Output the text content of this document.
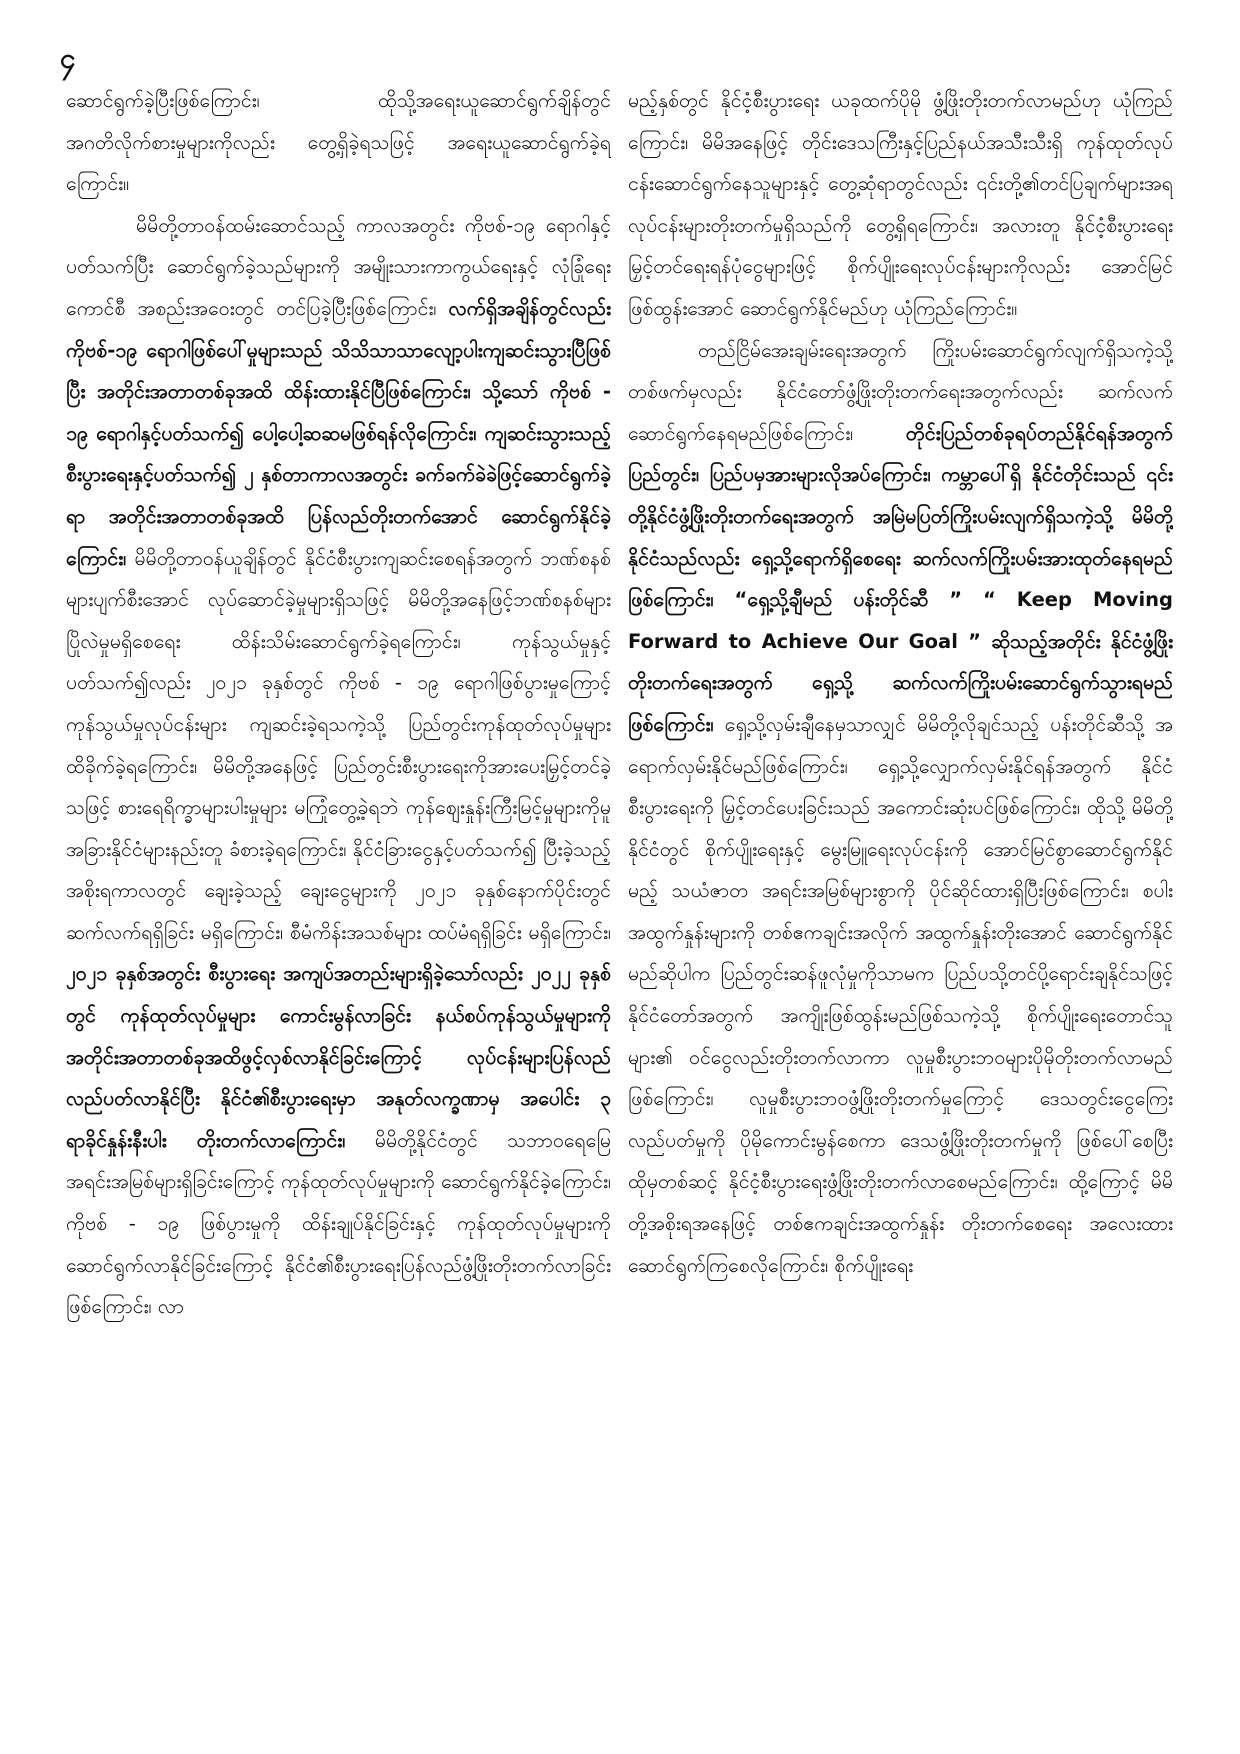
၄

ဆောင်ရွက်ခဲ့ပြီးဖြစ်ကြောင်း၊ ထိုသို့အရေးယူဆောင်ရွက်ချိန်တွင် အဂတိလိုက်စားမှုများကိုလည်း တွေ့ရှိခဲ့ရသဖြင့် အရေးယူဆောင်ရွက်ခဲ့ရကြောင်း။

မိမိတို့တာဝန်ထမ်းဆောင်သည့် ကာလအတွင်း ကိုဗစ်-၁၉ ရောဂါနှင့်ပတ်သက်ပြီး ဆောင်ရွက်ခဲ့သည်များကို အမျိုးသားကာကွယ်ရေးနှင့် လုံခြုံရေးကောင်စီ အစည်းအဝေးတွင် တင်ပြခဲ့ပြီးဖြစ်ကြောင်း၊ လက်ရှိအချိန်တွင်လည်း ကိုဗစ်-၁၉ ရောဂါဖြစ်ပေါ်မှုများသည် သိသိသာသာလျော့ပါးကျဆင်းသွားပြီဖြစ်ပြီး အတိုင်းအတာတစ်ခုအထိ ထိန်းထားနိုင်ပြီဖြစ်ကြောင်း၊ သို့သော် ကိုဗစ် - ၁၉ ရောဂါနှင့်ပတ်သက်၍ ပေါ့ပေါ့ဆဆမဖြစ်ရန်လိုကြောင်း၊ ကျဆင်းသွားသည့် စီးပွားရေးနှင့်ပတ်သက်၍ ၂ နှစ်တာကာလအတွင်း ခက်ခက်ခဲခဲဖြင့်ဆောင်ရွက်ခဲ့ရာ အတိုင်းအတာတစ်ခုအထိ ပြန်လည်တိုးတက်အောင် ဆောင်ရွက်နိုင်ခဲ့ကြောင်း၊ မိမိတို့တာဝန်ယူချိန်တွင် နိုင်ငံစီးပွားကျဆင်းစေရန်အတွက် ဘဏ်စနစ်များပျက်စီးအောင် လုပ်ဆောင်ခဲ့မှုများရှိသဖြင့် မိမိတို့အနေဖြင့်ဘဏ်စနစ်များ ပြိုလဲမှုမရှိစေရေး ထိန်းသိမ်းဆောင်ရွက်ခဲ့ရကြောင်း၊ ကုန်သွယ်မှုနှင့်ပတ်သက်၍လည်း ၂၀၂၁ ခုနှစ်တွင် ကိုဗစ် - ၁၉ ရောဂါဖြစ်ပွားမှုကြောင့် ကုန်သွယ်မှုလုပ်ငန်းများ ကျဆင်းခဲ့ရသကဲ့သို့ ပြည်တွင်းကုန်ထုတ်လုပ်မှုများ ထိခိုက်ခဲ့ရကြောင်း၊ မိမိတို့အနေဖြင့် ပြည်တွင်းစီးပွားရေးကိုအားပေးမြှင့်တင်ခဲ့သဖြင့် စားရေရိက္ခာများပါးမှုများ မကြုံတွေ့ခဲ့ရဘဲ ကုန်စျေးနှုန်းကြီးမြင့်မှုများကိုမူ အခြားနိုင်ငံများနည်းတူ ခံစားခဲ့ရကြောင်း၊ နိုင်ငံခြားငွေနှင့်ပတ်သက်၍ ပြီးခဲ့သည့်အစိုးရကာလတွင် ချေးခဲ့သည့် ချေးငွေများကို ၂၀၂၁ ခုနှစ်နောက်ပိုင်းတွင် ဆက်လက်ရရှိခြင်း မရှိကြောင်း၊ စီမံကိန်းအသစ်များ ထပ်မံရရှိခြင်း မရှိကြောင်း၊ ၂၀၂၁ ခုနှစ်အတွင်း စီးပွားရေး အကျပ်အတည်းများရှိခဲ့သော်လည်း ၂၀၂၂ ခုနှစ်တွင် ကုန်ထုတ်လုပ်မှုများ ကောင်းမွန်လာခြင်း နယ်စပ်ကုန်သွယ်မှုများကို အတိုင်းအတာတစ်ခုအထိဖွင့်လှစ်လာနိုင်ခြင်းကြောင့် လုပ်ငန်းများပြန်လည်လည်ပတ်လာနိုင်ပြီး နိုင်ငံ၏စီးပွားရေးမှာ အနုတ်လက္ခဏာမှ အပေါင်း ၃ ရာခိုင်နှုန်းနီးပါး တိုးတက်လာကြောင်း၊ မိမိတို့နိုင်ငံတွင် သဘာဝရေမြေအရင်းအမြစ်များရှိခြင်းကြောင့် ကုန်ထုတ်လုပ်မှုများကို ဆောင်ရွက်နိုင်ခဲ့ကြောင်း၊ ကိုဗစ် - ၁၉ ဖြစ်ပွားမှုကို ထိန်းချုပ်နိုင်ခြင်းနှင့် ကုန်ထုတ်လုပ်မှုများကို ဆောင်ရွက်လာနိုင်ခြင်းကြောင့် နိုင်ငံ၏စီးပွားရေးပြန်လည်ဖွံ့ဖြိုးတိုးတက်လာခြင်းဖြစ်ကြောင်း၊ လာ

မည့်နှစ်တွင် နိုင်ငံ့စီးပွားရေး ယခုထက်ပိုမို ဖွံ့ဖြိုးတိုးတက်လာမည်ဟု ယုံကြည်ကြောင်း၊ မိမိအနေဖြင့် တိုင်းဒေသကြီးနှင့်ပြည်နယ်အသီးသီးရှိ ကုန်ထုတ်လုပ်ငန်းဆောင်ရွက်နေသူများနှင့် တွေ့ဆုံရာတွင်လည်း ၎င်းတို့၏တင်ပြချက်များအရ လုပ်ငန်းများတိုးတက်မှုရှိသည်ကို တွေ့ရှိရကြောင်း၊ အလားတူ နိုင်ငံ့စီးပွားရေးမြှင့်တင်ရေးရန်ပုံငွေများဖြင့် စိုက်ပျိုးရေးလုပ်ငန်းများကိုလည်း အောင်မြင်ဖြစ်ထွန်းအောင် ဆောင်ရွက်နိုင်မည်ဟု ယုံကြည်ကြောင်း။

တည်ငြိမ်အေးချမ်းရေးအတွက် ကြိုးပမ်းဆောင်ရွက်လျက်ရှိသကဲ့သို့ တစ်ဖက်မှလည်း နိုင်ငံတော်ဖွံ့ဖြိုးတိုးတက်ရေးအတွက်လည်း ဆက်လက်ဆောင်ရွက်နေရမည်ဖြစ်ကြောင်း၊	တိုင်းပြည်တစ်ခုရပ်တည်နိုင်ရန်အတွက် ပြည်တွင်း၊ ပြည်ပမှအားများလိုအပ်ကြောင်း၊ ကမ္ဘာပေါ်ရှိ နိုင်ငံတိုင်းသည် ၎င်းတို့နိုင်ငံဖွံ့ဖြိုးတိုးတက်ရေးအတွက် အမြဲမပြတ်ကြိုးပမ်းလျက်ရှိသကဲ့သို့ မိမိတို့နိုင်ငံသည်လည်း ရှေ့သို့ရောက်ရှိစေရေး ဆက်လက်ကြိုးပမ်းအားထုတ်နေရမည်ဖြစ်ကြောင်း၊ “ရှေ့သို့ချီမည် ပန်းတိုင်ဆီ ” “ Keep Moving Forward to Achieve Our Goal ” ဆိုသည့်အတိုင်း နိုင်ငံဖွံ့ဖြိုးတိုးတက်ရေးအတွက် ရှေ့သို့ ဆက်လက်ကြိုးပမ်းဆောင်ရွက်သွားရမည်ဖြစ်ကြောင်း၊ ရှေ့သို့လှမ်းချီနေမှသာလျှင် မိမိတို့လိုချင်သည့် ပန်းတိုင်ဆီသို့ အရောက်လှမ်းနိုင်မည်ဖြစ်ကြောင်း၊ ရှေ့သို့လျှောက်လှမ်းနိုင်ရန်အတွက် နိုင်ငံစီးပွားရေးကို မြှင့်တင်ပေးခြင်းသည် အကောင်းဆုံးပင်ဖြစ်ကြောင်း၊ ထိုသို့ မိမိတို့နိုင်ငံတွင် စိုက်ပျိုးရေးနှင့် မွေးမြူရေးလုပ်ငန်းကို အောင်မြင်စွာဆောင်ရွက်နိုင်မည့် သယံဇာတ အရင်းအမြစ်များစွာကို ပိုင်ဆိုင်ထားရှိပြီးဖြစ်ကြောင်း၊ စပါးအထွက်နှုန်းများကို တစ်ဧကချင်းအလိုက် အထွက်နှုန်းတိုးအောင် ဆောင်ရွက်နိုင်မည်ဆိုပါက ပြည်တွင်းဆန်ဖူလုံမှုကိုသာမက ပြည်ပသို့တင်ပို့ရောင်းချနိုင်သဖြင့် နိုင်ငံတော်အတွက် အကျိုးဖြစ်ထွန်းမည်ဖြစ်သကဲ့သို့ စိုက်ပျိုးရေးတောင်သူများ၏ ဝင်ငွေလည်းတိုးတက်လာကာ လူမှုစီးပွားဘဝများပိုမိုတိုးတက်လာမည်ဖြစ်ကြောင်း၊ လူမှုစီးပွားဘဝဖွံ့ဖြိုးတိုးတက်မှုကြောင့် ဒေသတွင်းငွေကြေးလည်ပတ်မှုကို ပိုမိုကောင်းမွန်စေကာ ဒေသဖွံ့ဖြိုးတိုးတက်မှုကို ဖြစ်ပေါ်စေပြီး ထိုမှတစ်ဆင့် နိုင်ငံ့စီးပွားရေးဖွံ့ဖြိုးတိုးတက်လာစေမည်ကြောင်း၊ ထို့ကြောင့် မိမိတို့အစိုးရအနေဖြင့် တစ်ဧကချင်းအထွက်နှုန်း တိုးတက်စေရေး အလေးထားဆောင်ရွက်ကြစေလိုကြောင်း၊ စိုက်ပျိုးရေး
